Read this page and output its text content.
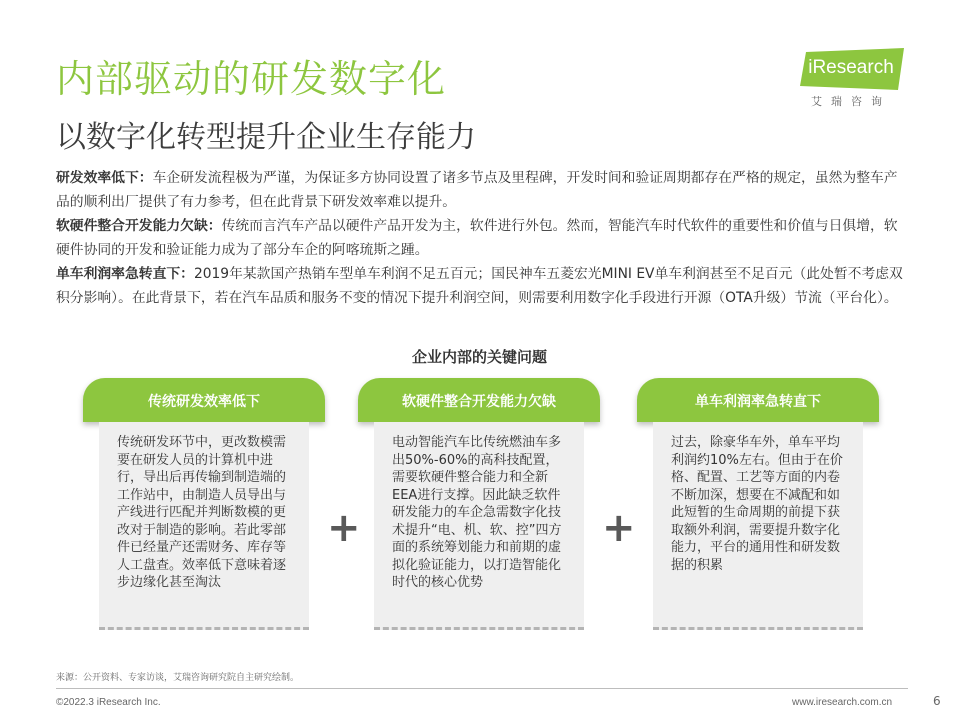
内部驱动的研发数字化
以数字化转型提升企业生存能力
iResearch
艾瑞咨询

研发效率低下：车企研发流程极为严谨，为保证多方协同设置了诸多节点及里程碑，开发时间和验证周期都存在严格的规定，虽然为整车产品的顺利出厂提供了有力参考，但在此背景下研发效率难以提升。

软硬件整合开发能力欠缺：传统而言汽车产品以硬件产品开发为主，软件进行外包。然而，智能汽车时代软件的重要性和价值与日俱增，软硬件协同的开发和验证能力成为了部分车企的阿喀琉斯之踵。

单车利润率急转直下：2019年某款国产热销车型单车利润不足五百元；国民神车五菱宏光MINI EV单车利润甚至不足百元（此处暂不考虑双积分影响）。在此背景下，若在汽车品质和服务不变的情况下提升利润空间，则需要利用数字化手段进行开源（OTA升级）节流（平台化）。

企业内部的关键问题
传统研发效率低下
传统研发环节中，更改数模需要在研发人员的计算机中进行，导出后再传输到制造端的工作站中，由制造人员导出与产线进行匹配并判断数模的更改对于制造的影响。若此零部件已经量产还需财务、库存等人工盘查。效率低下意味着逐步边缘化甚至淘汰
+
软硬件整合开发能力欠缺
电动智能汽车比传统燃油车多出50%-60%的高科技配置，需要软硬件整合能力和全新EEA进行支撑。因此缺乏软件研发能力的车企急需数字化技术提升“电、机、软、控”四方面的系统筹划能力和前期的虚拟化验证能力，以打造智能化时代的核心优势
+
单车利润率急转直下
过去，除豪华车外，单车平均利润约10%左右。但由于在价格、配置、工艺等方面的内卷不断加深，想要在不减配和如此短暂的生命周期的前提下获取额外利润，需要提升数字化能力，平台的通用性和研发数据的积累
来源：公开资料、专家访谈，艾瑞咨询研究院自主研究绘制。
©2022.3 iResearch Inc.	www.iresearch.com.cn	6
